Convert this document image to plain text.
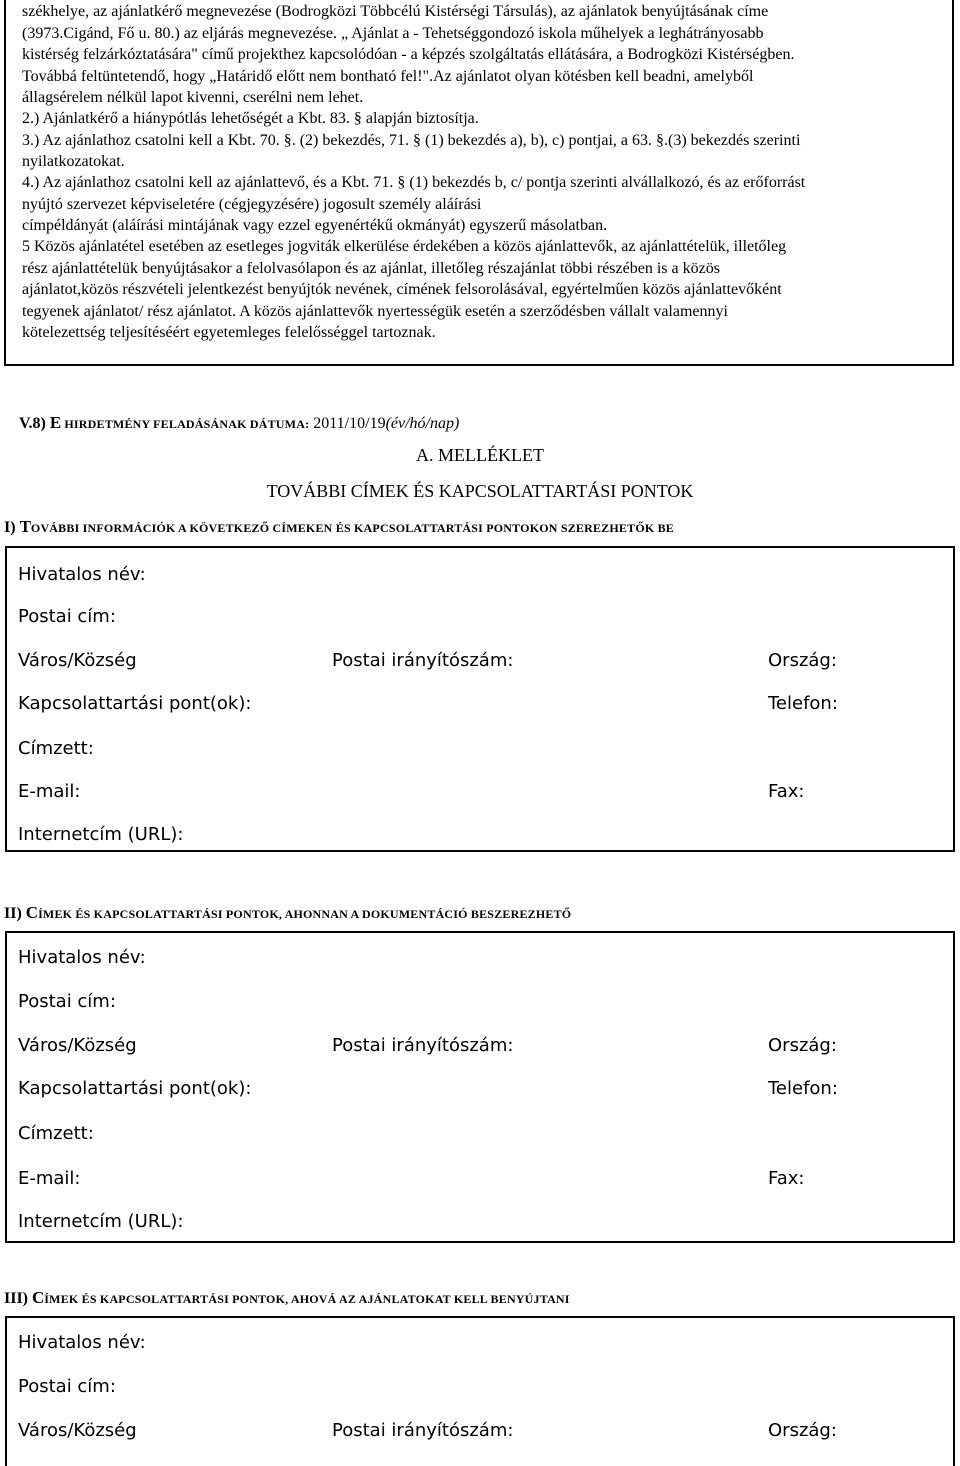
székhelye, az ajánlatkérő megnevezése (Bodrogközi Többcélú Kistérségi Társulás), az ajánlatok benyújtásának címe
(3973.Cigánd, Fő u. 80.) az eljárás megnevezése. „ Ajánlat a - Tehetséggondozó iskola műhelyek a leghátrányosabb
kistérség felzárkóztatására" című projekthez kapcsolódóan - a képzés szolgáltatás ellátására, a Bodrogközi Kistérségben.
Továbbá feltüntetendő, hogy „Határidő előtt nem bontható fel!".Az ajánlatot olyan kötésben kell beadni, amelyből
állagsérelem nélkül lapot kivenni, cserélni nem lehet.
2.) Ajánlatkérő a hiánypótlás lehetőségét a Kbt. 83. § alapján biztosítja.
3.) Az ajánlathoz csatolni kell a Kbt. 70. §. (2) bekezdés, 71. § (1) bekezdés a), b), c) pontjai, a 63. §.(3) bekezdés szerinti
nyilatkozatokat.
4.) Az ajánlathoz csatolni kell az ajánlattevő, és a Kbt. 71. § (1) bekezdés b, c/ pontja szerinti alvállalkozó, és az erőforrást
nyújtó szervezet képviseletére (cégjegyzésére) jogosult személy aláírási
címpéldányát (aláírási mintájának vagy ezzel egyenértékű okmányát) egyszerű másolatban.
5 Közös ajánlatétel esetében az esetleges jogviták elkerülése érdekében a közös ajánlattevők, az ajánlattételük, illetőleg
rész ajánlattételük benyújtásakor a felolvasólapon és az ajánlat, illetőleg részajánlat többi részében is a közös
ajánlatot,közös részvételi jelentkezést benyújtók nevének, címének felsorolásával, egyértelműen közös ajánlattevőként
tegyenek ajánlatot/ rész ajánlatot. A közös ajánlattevők nyertességük esetén a szerződésben vállalt valamennyi
kötelezettség teljesítéséért egyetemleges felelősséggel tartoznak.
V.8) E HIRDETMÉNY FELADÁSÁNAK DÁTUMA: 2011/10/19(év/hó/nap)
A. MELLÉKLET
TOVÁBBI CÍMEK ÉS KAPCSOLATTARTÁSI PONTOK
I) TOVÁBBI INFORMÁCIÓK A KÖVETKEZŐ CÍMEKEN ÉS KAPCSOLATTARTÁSI PONTOKON SZEREZHETŐK BE
Hivatalos név:
Postai cím:
Város/Község	Postai irányítószám:	Ország:
Kapcsolattartási pont(ok):	Telefon:
Címzett:
E-mail:	Fax:
Internetcím (URL):
II) CÍMEK ÉS KAPCSOLATTARTÁSI PONTOK, AHONNAN A DOKUMENTÁCIÓ BESZEREZHETŐ
Hivatalos név:
Postai cím:
Város/Község	Postai irányítószám:	Ország:
Kapcsolattartási pont(ok):	Telefon:
Címzett:
E-mail:	Fax:
Internetcím (URL):
III) CÍMEK ÉS KAPCSOLATTARTÁSI PONTOK, AHOVÁ AZ AJÁNLATOKAT KELL BENYÚJTANI
Hivatalos név:
Postai cím:
Város/Község	Postai irányítószám:	Ország:
